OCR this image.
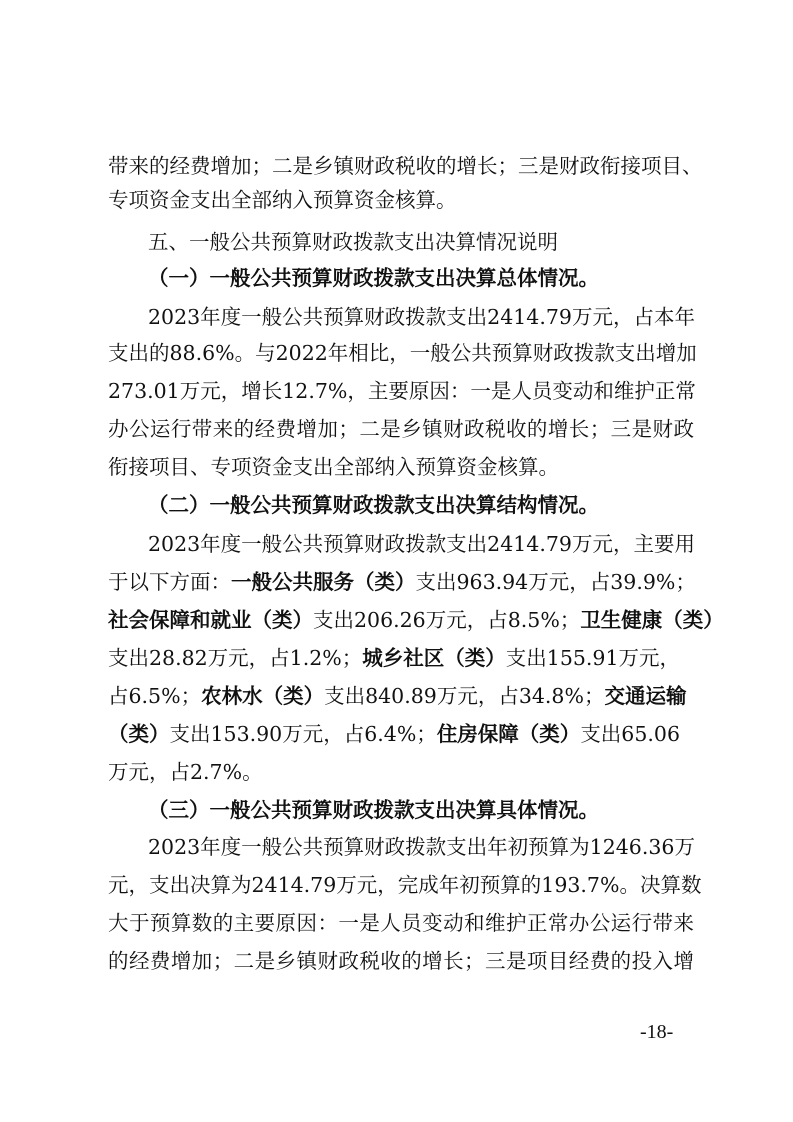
带来的经费增加；二是乡镇财政税收的增长；三是财政衔接项目、
专项资金支出全部纳入预算资金核算。
五、一般公共预算财政拨款支出决算情况说明
（一）一般公共预算财政拨款支出决算总体情况。
2023年度一般公共预算财政拨款支出2414.79万元，占本年
支出的88.6%。与2022年相比，一般公共预算财政拨款支出增加
273.01万元，增长12.7%，主要原因：一是人员变动和维护正常
办公运行带来的经费增加；二是乡镇财政税收的增长；三是财政
衔接项目、专项资金支出全部纳入预算资金核算。
（二）一般公共预算财政拨款支出决算结构情况。
2023年度一般公共预算财政拨款支出2414.79万元，主要用
于以下方面：一般公共服务（类）支出963.94万元，占39.9%；
社会保障和就业（类）支出206.26万元，占8.5%；卫生健康（类）
支出28.82万元，占1.2%；城乡社区（类）支出155.91万元，
占6.5%；农林水（类）支出840.89万元，占34.8%；交通运输
（类）支出153.90万元，占6.4%；住房保障（类）支出65.06
万元，占2.7%。
（三）一般公共预算财政拨款支出决算具体情况。
2023年度一般公共预算财政拨款支出年初预算为1246.36万
元，支出决算为2414.79万元，完成年初预算的193.7%。决算数
大于预算数的主要原因：一是人员变动和维护正常办公运行带来
的经费增加；二是乡镇财政税收的增长；三是项目经费的投入增
-18-
